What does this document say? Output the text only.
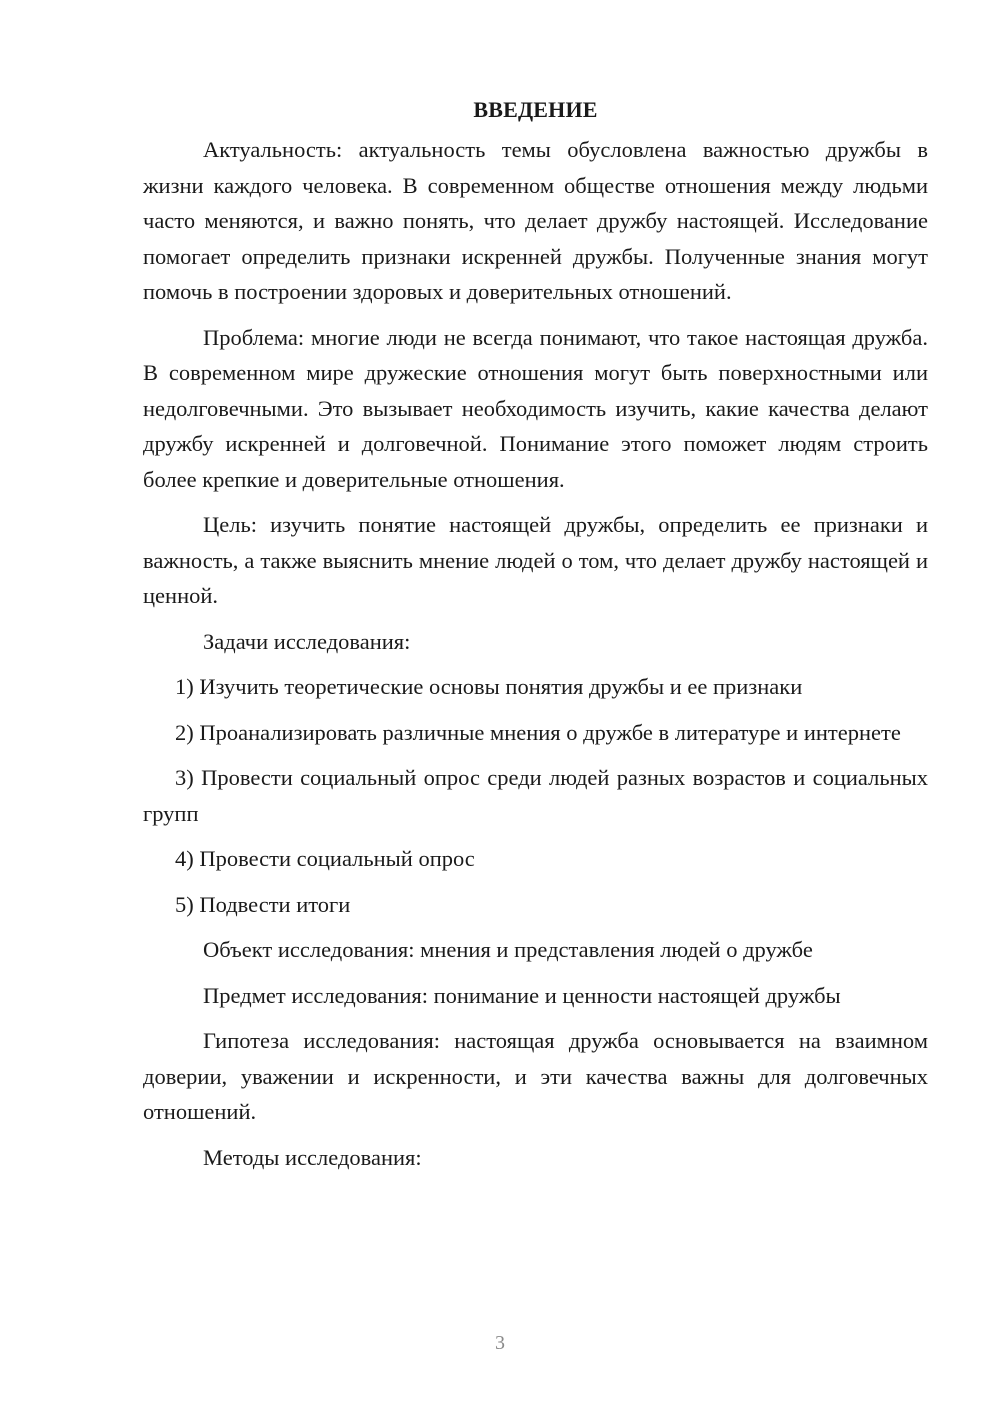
ВВЕДЕНИЕ

Актуальность: актуальность темы обусловлена важностью дружбы в жизни каждого человека. В современном обществе отношения между людьми часто меняются, и важно понять, что делает дружбу настоящей. Исследование помогает определить признаки искренней дружбы. Полученные знания могут помочь в построении здоровых и доверительных отношений.

Проблема: многие люди не всегда понимают, что такое настоящая дружба. В современном мире дружеские отношения могут быть поверхностными или недолговечными. Это вызывает необходимость изучить, какие качества делают дружбу искренней и долговечной. Понимание этого поможет людям строить более крепкие и доверительные отношения.

Цель: изучить понятие настоящей дружбы, определить ее признаки и важность, а также выяснить мнение людей о том, что делает дружбу настоящей и ценной.

Задачи исследования:

1) Изучить теоретические основы понятия дружбы и ее признаки

2) Проанализировать различные мнения о дружбе в литературе и интернете

3) Провести социальный опрос среди людей разных возрастов и социальных групп

4) Провести социальный опрос

5) Подвести итоги

Объект исследования: мнения и представления людей о дружбе

Предмет исследования: понимание и ценности настоящей дружбы

Гипотеза исследования: настоящая дружба основывается на взаимном доверии, уважении и искренности, и эти качества важны для долговечных отношений.

Методы исследования:

3
